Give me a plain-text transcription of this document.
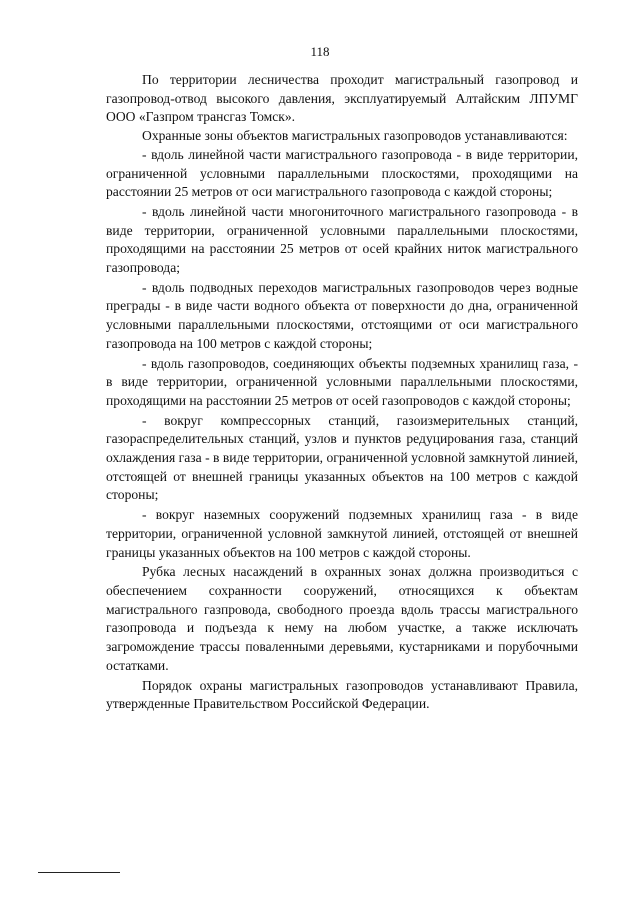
118

По территории лесничества проходит магистральный газопровод и газопровод-отвод высокого давления, эксплуатируемый Алтайским ЛПУМГ ООО «Газпром трансгаз Томск».

Охранные зоны объектов магистральных газопроводов устанавливаются:

- вдоль линейной части магистрального газопровода - в виде территории, ограниченной условными параллельными плоскостями, проходящими на расстоянии 25 метров от оси магистрального газопровода с каждой стороны;

- вдоль линейной части многониточного магистрального газопровода - в виде территории, ограниченной условными параллельными плоскостями, проходящими на расстоянии 25 метров от осей крайних ниток магистрального газопровода;

- вдоль подводных переходов магистральных газопроводов через водные преграды - в виде части водного объекта от поверхности до дна, ограниченной условными параллельными плоскостями, отстоящими от оси магистрального газопровода на 100 метров с каждой стороны;

- вдоль газопроводов, соединяющих объекты подземных хранилищ газа, - в виде территории, ограниченной условными параллельными плоскостями, проходящими на расстоянии 25 метров от осей газопроводов с каждой стороны;

- вокруг компрессорных станций, газоизмерительных станций, газораспределительных станций, узлов и пунктов редуцирования газа, станций охлаждения газа - в виде территории, ограниченной условной замкнутой линией, отстоящей от внешней границы указанных объектов на 100 метров с каждой стороны;

- вокруг наземных сооружений подземных хранилищ газа - в виде территории, ограниченной условной замкнутой линией, отстоящей от внешней границы указанных объектов на 100 метров с каждой стороны.

Рубка лесных насаждений в охранных зонах должна производиться с обеспечением сохранности сооружений, относящихся к объектам магистрального газпровода, свободного проезда вдоль трассы магистрального газопровода и подъезда к нему на любом участке, а также исключать загромождение трассы поваленными деревьями, кустарниками и порубочными остатками.

Порядок охраны магистральных газопроводов устанавливают Правила, утвержденные Правительством Российской Федерации.
